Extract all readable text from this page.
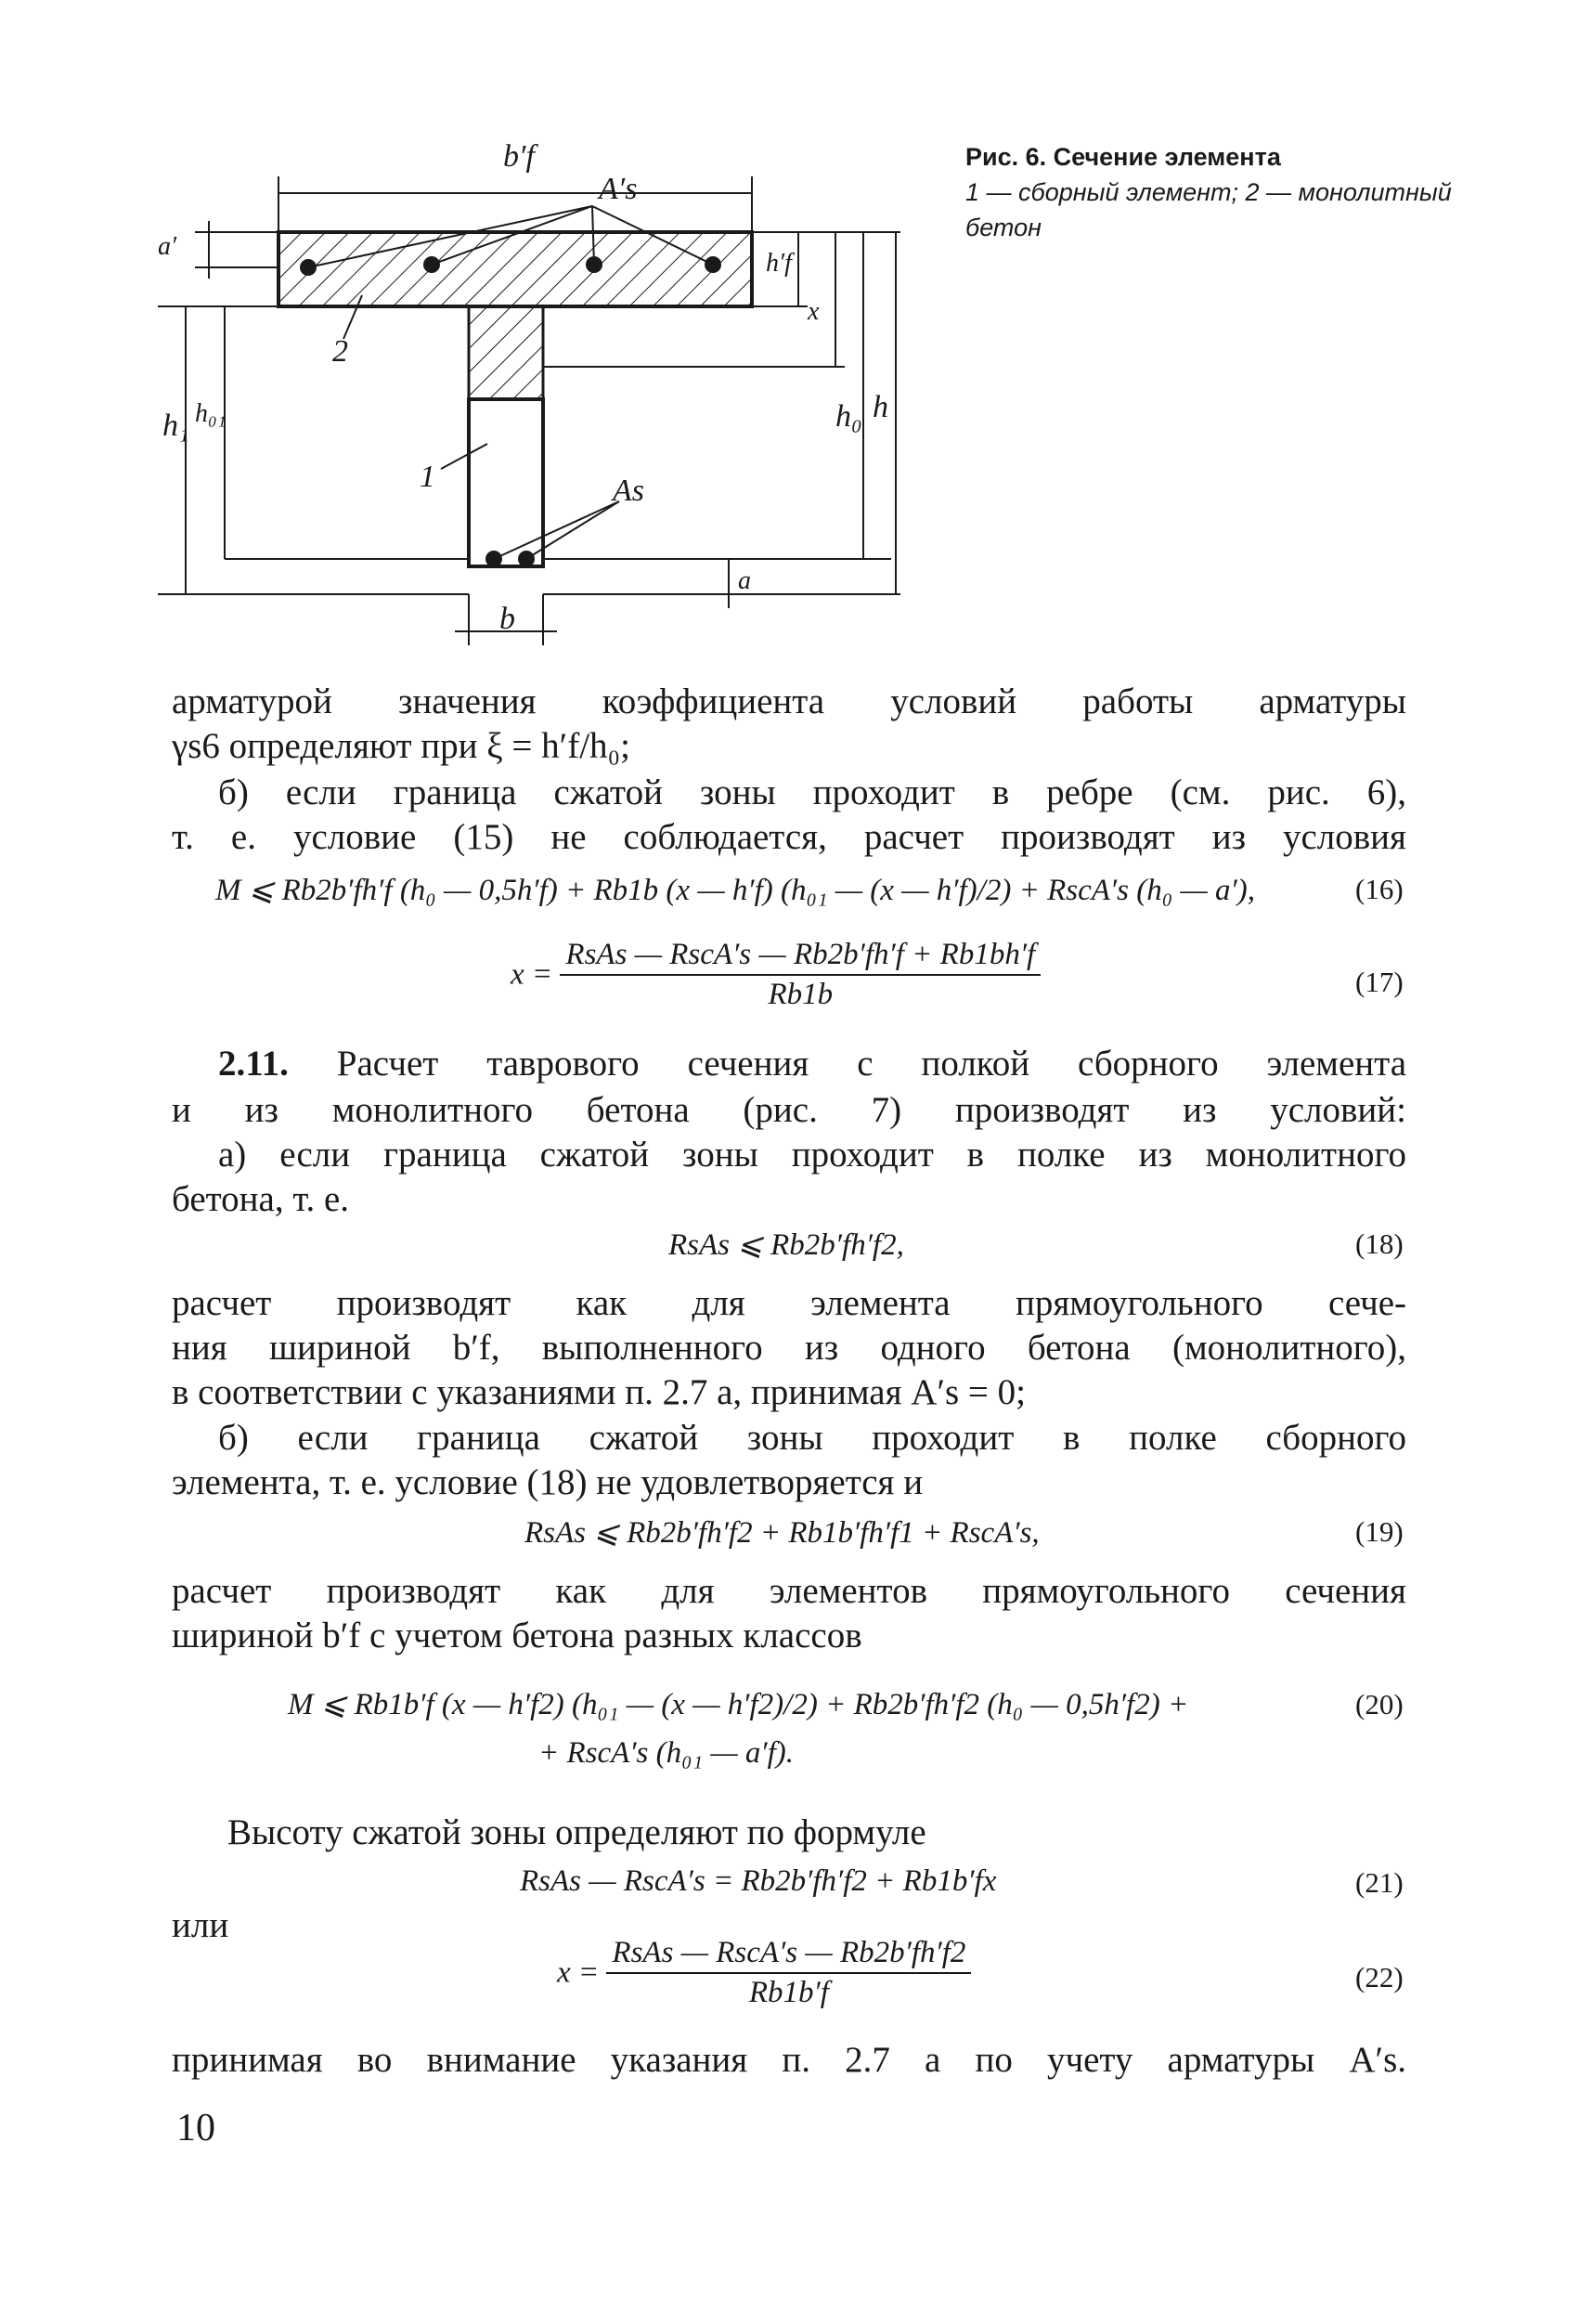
b′f
A′s
a′
h′f
x
h
h₀
h₁ h₀₁
2
1	As
a
b
Рис. 6. Сечение элемента
1 — сборный элемент; 2 — монолитный бетон
арматурой значения коэффициента условий работы арматуры
γs6 определяют при ξ = h′f/h₀;
б) если граница сжатой зоны проходит в ребре (см. рис. 6),
т. е. условие (15) не соблюдается, расчет производят из условия
M ⩽ Rb2b′fh′f (h₀ — 0,5h′f) + Rb1b (x — h′f) (h₀₁ — (x — h′f)/2) + RscA′s (h₀ — a′),	(16)
$x = \frac{\text{RsAs — RscA′s — Rb2b′fh′f + Rb1bh′f}}{Rb1b}$	(17)
2.11. Расчет таврового сечения с полкой сборного элемента
и из монолитного бетона (рис. 7) производят из условий:
а) если граница сжатой зоны проходит в полке из монолитного
бетона, т. е.
RsAs ⩽ Rb2b′fh′f2,	(18)
расчет производят как для элемента прямоугольного сече-
ния шириной b′f, выполненного из одного бетона (монолитного),
в соответствии с указаниями п. 2.7 а, принимая A′s = 0;
б) если граница сжатой зоны проходит в полке сборного
элемента, т. е. условие (18) не удовлетворяется и
RsAs ⩽ Rb2b′fh′f2 + Rb1b′fh′f1 + RscA′s,	(19)
расчет производят как для элементов прямоугольного сечения
шириной b′f с учетом бетона разных классов
M ⩽ Rb1b′f (x — h′f2) (h₀₁ — (x — h′f2)/2) + Rb2b′fh′f2 (h₀ — 0,5h′f2) +
+ RscA′s (h₀₁ — a′f).
(20)
Высоту сжатой зоны определяют по формуле
RsAs — RscA′s = Rb2b′fh′f2 + Rb1b′fx	(21)
или
$x = \frac{\text{RsAs — RscA′s — Rb2b′fh′f2}}{Rb1b'f}$	(22)
принимая во внимание указания п. 2.7 а по учету арматуры A′s.
10
